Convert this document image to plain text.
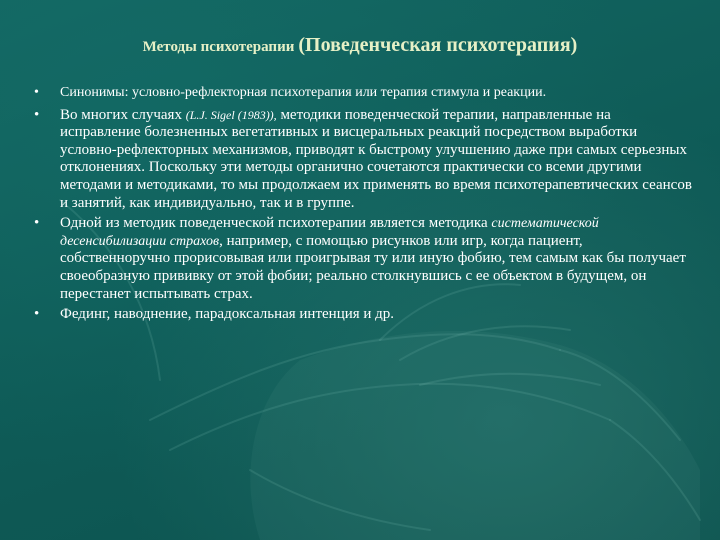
Методы психотерапии (Поведенческая психотерапия)
• Синонимы: условно-рефлекторная психотерапия или терапия стимула и реакции.
• Во многих случаях (L.J. Sigel (1983)), методики поведенческой терапии, направленные на исправление болезненных вегетативных и висцеральных реакций посредством выработки условно-рефлекторных механизмов, приводят к быстрому улучшению даже при самых серьезных отклонениях. Поскольку эти методы органично сочетаются практически со всеми другими методами и методиками, то мы продолжаем их применять во время психотерапевтических сеансов и занятий, как индивидуально, так и в группе.
• Одной из методик поведенческой психотерапии является методика систематической десенсибилизации страхов, например, с помощью рисунков или игр, когда пациент, собственноручно прорисовывая или проигрывая ту или иную фобию, тем самым как бы получает своеобразную прививку от этой фобии; реально столкнувшись с ее объектом в будущем, он перестанет испытывать страх.
• Фединг, наводнение, парадоксальная интенция и др.
